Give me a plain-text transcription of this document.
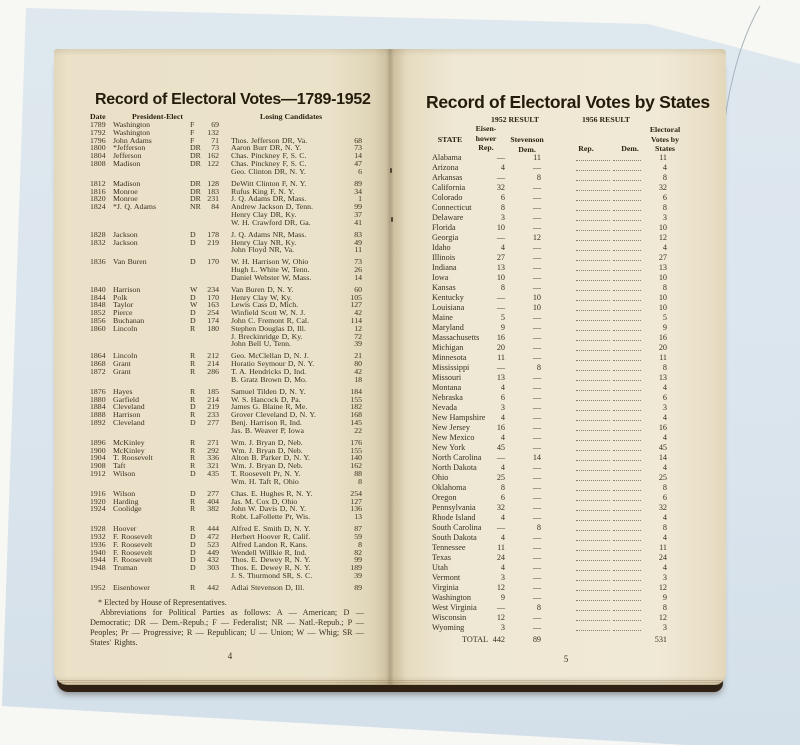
Record of Electoral Votes—1789-1952
Date	President-Elect	Losing Candidates
1789 Washington	F	69
1792 Washington	F	132
1796 John Adams	F	71 Thos. Jefferson DR, Va.	68
1800 *Jefferson	DR	73 Aaron Burr DR, N. Y.	73
1804 Jefferson	DR 162 Chas. Pinckney F, S. C.	14
1808 Madison	DR 122 Chas. Pinckney F, S. C.	47
Geo. Clinton DR, N. Y.	6
1812 Madison	DR 128 DeWitt Clinton F, N. Y.	89
1816 Monroe	DR 183 Rufus King F, N. Y.	34
1820 Monroe	DR 231 J. Q. Adams DR, Mass.	1
1824 *J. Q. Adams	NR	84 Andrew Jackson D, Tenn.	99
Henry Clay DR, Ky.	37
W. H. Crawford DR, Ga.	41
1828 Jackson	D	178 J. Q. Adams NR, Mass.	83
1832 Jackson	D	219 Henry Clay NR, Ky.	49
John Floyd NR, Va.	11
1836 Van Buren	D	170 W. H. Harrison W, Ohio	73
Hugh L. White W, Tenn.	26
Daniel Webster W, Mass.	14
1840 Harrison	W	234 Van Buren D, N. Y.	60
1844 Polk	D	170 Henry Clay W, Ky.	105
1848 Taylor	W	163 Lewis Cass D, Mich.	127
1852 Pierce	D	254 Winfield Scott W, N. J.	42
1856 Buchanan	D	174 John C. Fremont R, Cal.	114
1860 Lincoln	R	180 Stephen Douglas D, Ill.	12
J. Breckinridge D, Ky.	72
John Bell U, Tenn.	39
1864 Lincoln	R	212 Geo. McClellan D, N. J.	21
1868 Grant	R	214 Horatio Seymour D, N. Y.	80
1872 Grant	R	286 T. A. Hendricks D, Ind.	42
B. Gratz Brown D, Mo.	18
1876 Hayes	R	185 Samuel Tilden D, N. Y.	184
1880 Garfield	R	214 W. S. Hancock D, Pa.	155
1884 Cleveland	D	219 James G. Blaine R, Me.	182
1888 Harrison	R	233 Grover Cleveland D, N. Y.	168
1892 Cleveland	D	277 Benj. Harrison R, Ind.	145
Jas. B. Weaver P, Iowa	22
1896 McKinley	R	271 Wm. J. Bryan D, Neb.	176
1900 McKinley	R	292 Wm. J. Bryan D, Neb.	155
1904 T. Roosevelt	R	336 Alton B. Parker D, N. Y.	140
1908 Taft	R	321 Wm. J. Bryan D, Neb.	162
1912 Wilson	D	435 T. Roosevelt Pr, N. Y.	88
Wm. H. Taft R, Ohio	8
1916 Wilson	D	277 Chas. E. Hughes R, N. Y.	254
1920 Harding	R	404 Jas. M. Cox D, Ohio	127
1924 Coolidge	R	382 John W. Davis D, N. Y.	136
Robt. LaFollette Pr, Wis.	13
1928 Hoover	R	444 Alfred E. Smith D, N. Y.	87
1932 F. Roosevelt	D	472 Herbert Hoover R, Calif.	59
1936 F. Roosevelt	D	523 Alfred Landon R, Kans.	8
1940 F. Roosevelt	D	449 Wendell Willkie R, Ind.	82
1944 F. Roosevelt	D	432 Thos. E. Dewey R, N. Y.	99
1948 Truman	D	303 Thos. E. Dewey R, N. Y.	189
J. S. Thurmond SR, S. C.	39
1952 Eisenhower	R	442 Adlai Stevenson D, Ill.	89
* Elected by House of Representatives.
Abbreviations for Political Parties as follows: A — American; D — Democratic; DR — Dem.-Repub.; F — Federalist; NR — Natl.-Repub.; P — Peoples; Pr — Progressive; R — Republican; U — Union; W — Whig; SR — States' Rights.
4
Record of Electoral Votes by States
1952 RESULT	1956 RESULT
STATE
Eisen-
hower
Rep.
Stevenson
Dem.	Rep.	Dem.
Electoral
Votes by
States
Alabama	—	11	11
Arizona	4	—	4
Arkansas	—	8	8
California	32	—	32
Colorado	6	—	6
Connecticut	8	—	8
Delaware	3	—	3
Florida	10	—	10
Georgia	—	12	12
Idaho	4	—	4
Illinois	27	—	27
Indiana	13	—	13
Iowa	10	—	10
Kansas	8	—	8
Kentucky	—	10	10
Louisiana	—	10	10
Maine	5	—	5
Maryland	9	—	9
Massachusetts	16	—	16
Michigan	20	—	20
Minnesota	11	—	11
Mississippi	—	8	8
Missouri	13	—	13
Montana	4	—	4
Nebraska	6	—	6
Nevada	3	—	3
New Hampshire	4	—	4
New Jersey	16	—	16
New Mexico	4	—	4
New York	45	—	45
North Carolina	—	14	14
North Dakota	4	—	4
Ohio	25	—	25
Oklahoma	8	—	8
Oregon	6	—	6
Pennsylvania	32	—	32
Rhode Island	4	—	4
South Carolina	—	8	8
South Dakota	4	—	4
Tennessee	11	—	11
Texas	24	—	24
Utah	4	—	4
Vermont	3	—	3
Virginia	12	—	12
Washington	9	—	9
West Virginia	—	8	8
Wisconsin	12	—	12
Wyoming	3	—	3
TOTAL 442	89	531
5
